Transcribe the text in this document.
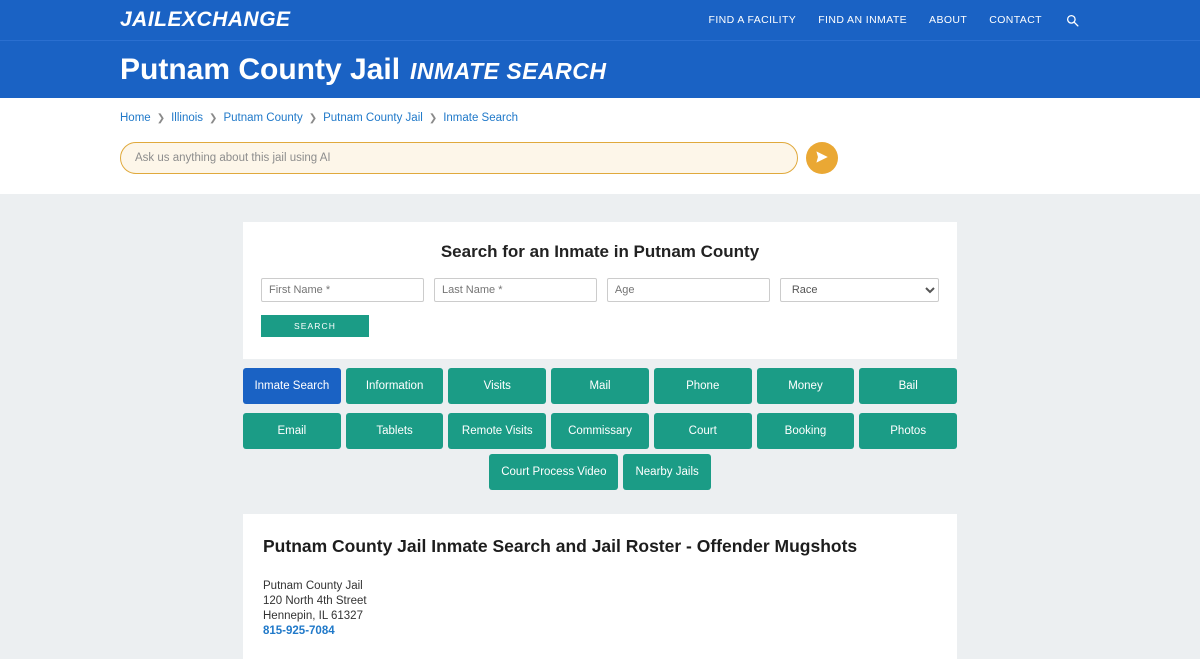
JAILEXCHANGE	FIND A FACILITY FIND AN INMATE ABOUT CONTACT
Putnam County Jail INMATE SEARCH
Home ❯ Illinois ❯ Putnam County ❯ Putnam County Jail ❯ Inmate Search
Ask us anything about this jail using AI
Search for an Inmate in Putnam County
First Name *
Last Name *
Age
Race
SEARCH
Inmate Search	Information	Visits	Mail	Phone	Money	Bail
Email	Tablets	Remote Visits	Commissary	Court	Booking	Photos
Court Process Video	Nearby Jails
Putnam County Jail Inmate Search and Jail Roster - Offender Mugshots
Putnam County Jail
120 North 4th Street
Hennepin, IL 61327
815-925-7084
